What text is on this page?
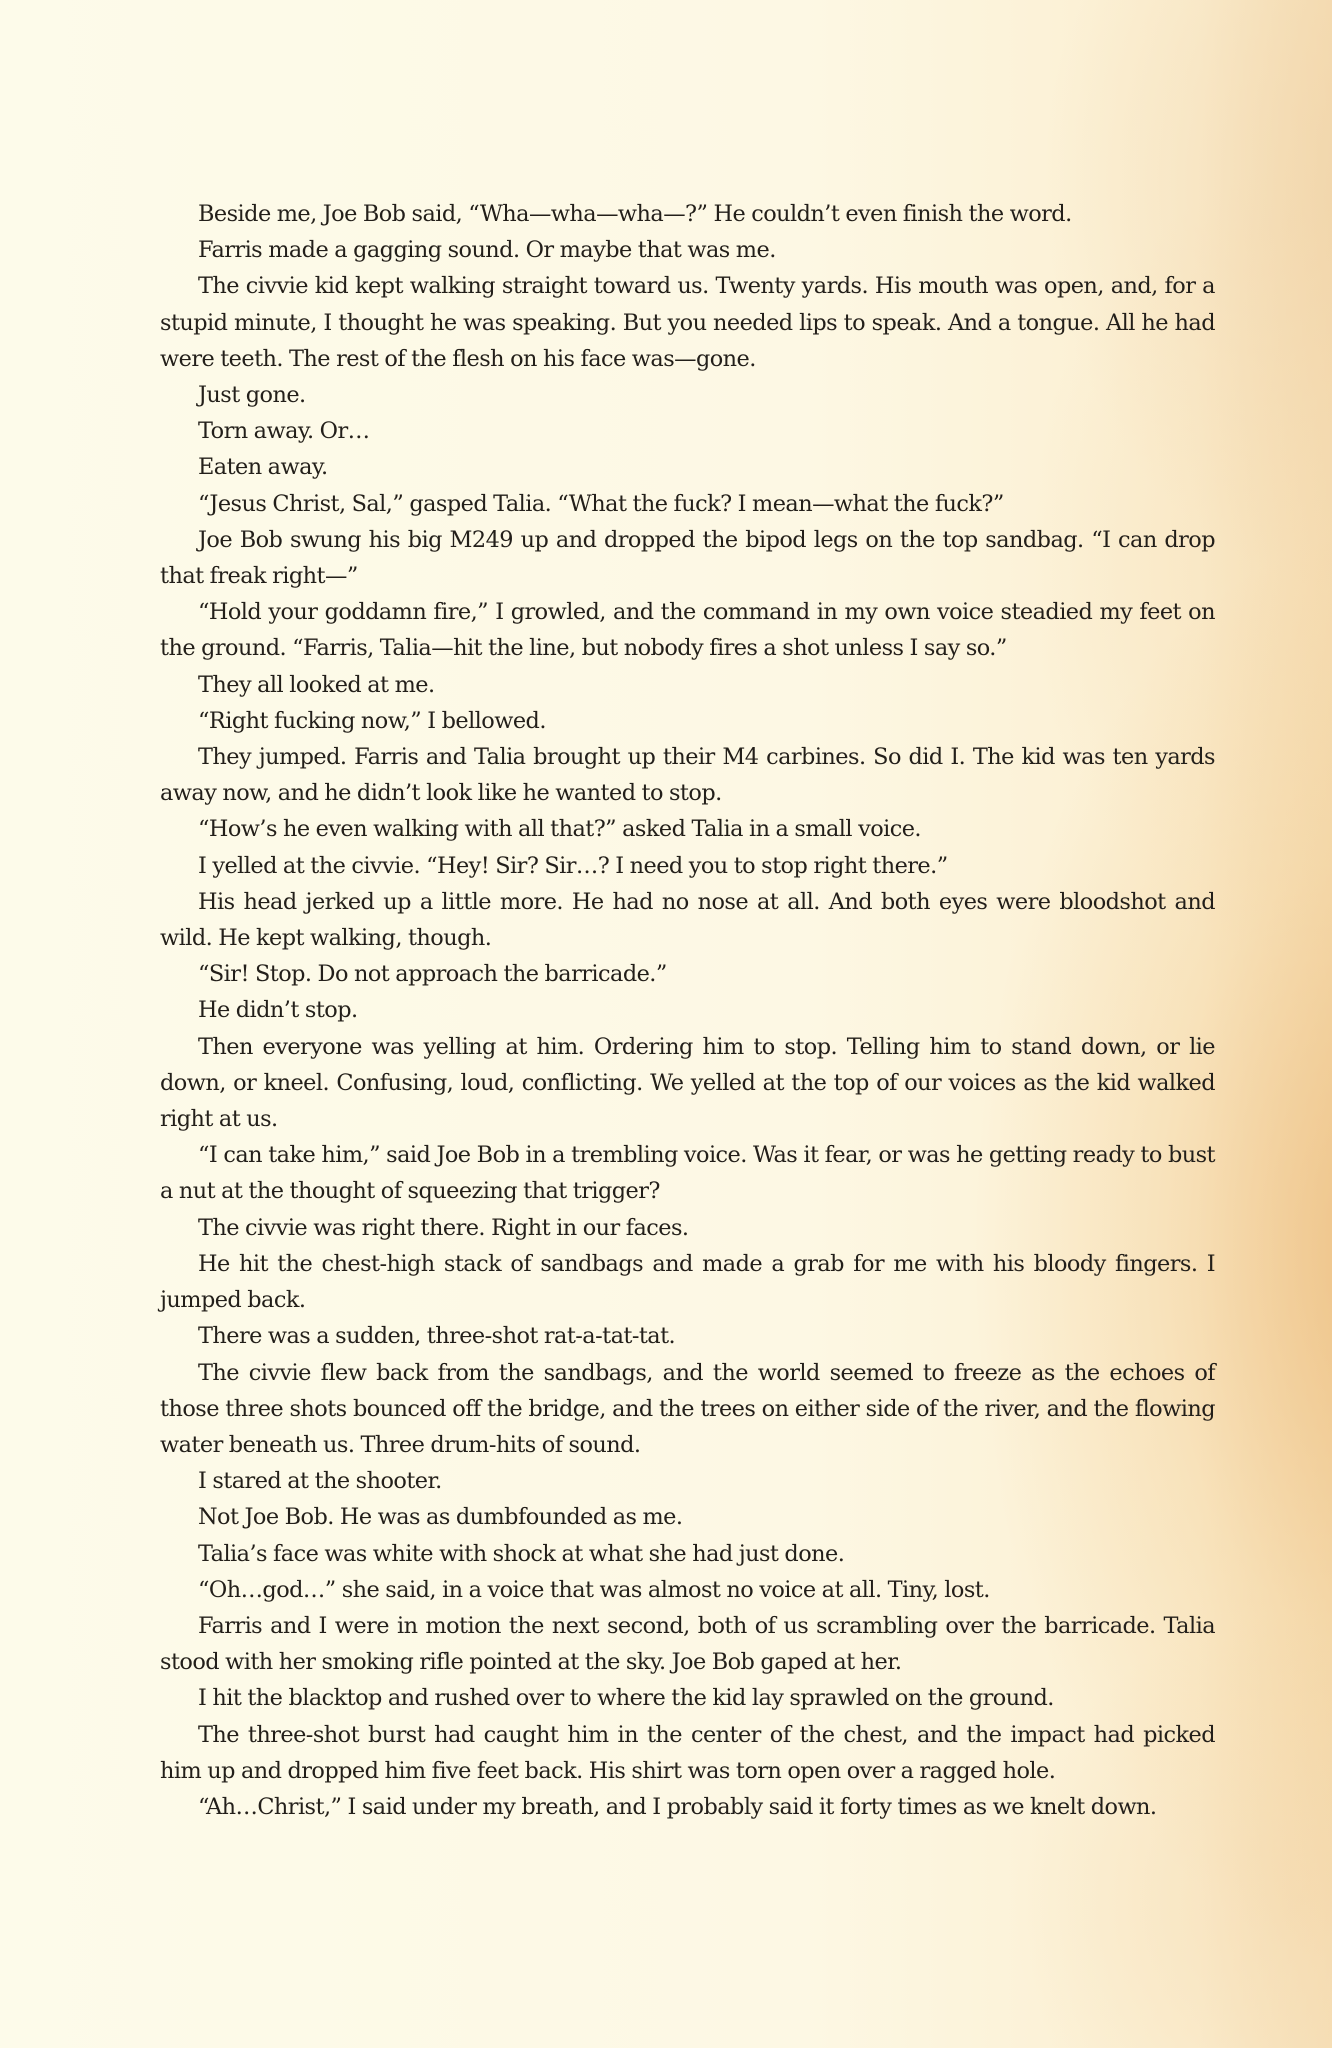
Beside me, Joe Bob said, “Wha—wha—wha—?” He couldn’t even finish the word.

Farris made a gagging sound. Or maybe that was me.

The civvie kid kept walking straight toward us. Twenty yards. His mouth was open, and, for a stupid minute, I thought he was speaking. But you needed lips to speak. And a tongue. All he had were teeth. The rest of the flesh on his face was—gone.

Just gone.

Torn away. Or…

Eaten away.

“Jesus Christ, Sal,” gasped Talia. “What the fuck? I mean—what the fuck?”

Joe Bob swung his big M249 up and dropped the bipod legs on the top sandbag. “I can drop that freak right—”

“Hold your goddamn fire,” I growled, and the command in my own voice steadied my feet on the ground. “Farris, Talia—hit the line, but nobody fires a shot unless I say so.”

They all looked at me.

“Right fucking now,” I bellowed.

They jumped. Farris and Talia brought up their M4 carbines. So did I. The kid was ten yards away now, and he didn’t look like he wanted to stop.

“How’s he even walking with all that?” asked Talia in a small voice.

I yelled at the civvie. “Hey! Sir? Sir…? I need you to stop right there.”

His head jerked up a little more. He had no nose at all. And both eyes were bloodshot and wild. He kept walking, though.

“Sir! Stop. Do not approach the barricade.”

He didn’t stop.

Then everyone was yelling at him. Ordering him to stop. Telling him to stand down, or lie down, or kneel. Confusing, loud, conflicting. We yelled at the top of our voices as the kid walked right at us.

“I can take him,” said Joe Bob in a trembling voice. Was it fear, or was he getting ready to bust a nut at the thought of squeezing that trigger?

The civvie was right there. Right in our faces.

He hit the chest-high stack of sandbags and made a grab for me with his bloody fingers. I jumped back.

There was a sudden, three-shot rat-a-tat-tat.

The civvie flew back from the sandbags, and the world seemed to freeze as the echoes of those three shots bounced off the bridge, and the trees on either side of the river, and the flowing water beneath us. Three drum-hits of sound.

I stared at the shooter.

Not Joe Bob. He was as dumbfounded as me.

Talia’s face was white with shock at what she had just done.

“Oh…god…” she said, in a voice that was almost no voice at all. Tiny, lost.

Farris and I were in motion the next second, both of us scrambling over the barricade. Talia stood with her smoking rifle pointed at the sky. Joe Bob gaped at her.

I hit the blacktop and rushed over to where the kid lay sprawled on the ground.

The three-shot burst had caught him in the center of the chest, and the impact had picked him up and dropped him five feet back. His shirt was torn open over a ragged hole.

“Ah…Christ,” I said under my breath, and I probably said it forty times as we knelt down.
